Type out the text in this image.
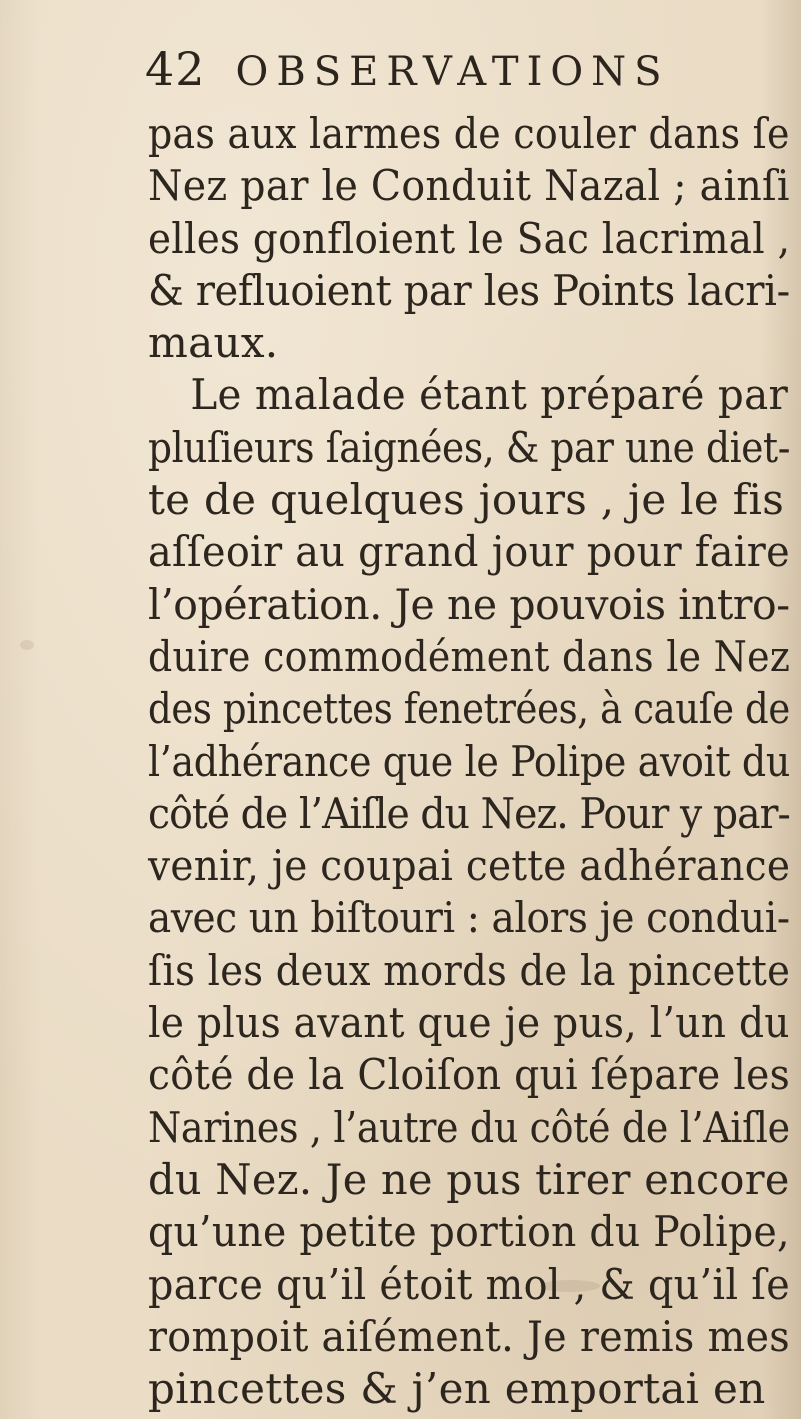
42 OBSERVATIONS
pas aux larmes de couler dans ſe
Nez par le Conduit Nazal ; ainſi
elles gonfloient le Sac lacrimal ,
& refluoient par les Points lacri-
maux.
Le malade étant préparé par
pluſieurs ſaignées, & par une diet-
te de quelques jours , je le fis
aſſeoir au grand jour pour faire
l’opération. Je ne pouvois intro-
duire commodément dans le Nez
des pincettes fenetrées, à cauſe de
l’adhérance que le Polipe avoit du
côté de l’Aiſle du Nez. Pour y par-
venir, je coupai cette adhérance
avec un biſtouri : alors je condui-
ſis les deux mords de la pincette
le plus avant que je pus, l’un du
côté de la Cloiſon qui ſépare les
Narines , l’autre du côté de l’Aiſle
du Nez. Je ne pus tirer encore
qu’une petite portion du Polipe,
parce qu’il étoit mol , & qu’il ſe
rompoit aiſément. Je remis mes
pincettes & j’en emportai en
